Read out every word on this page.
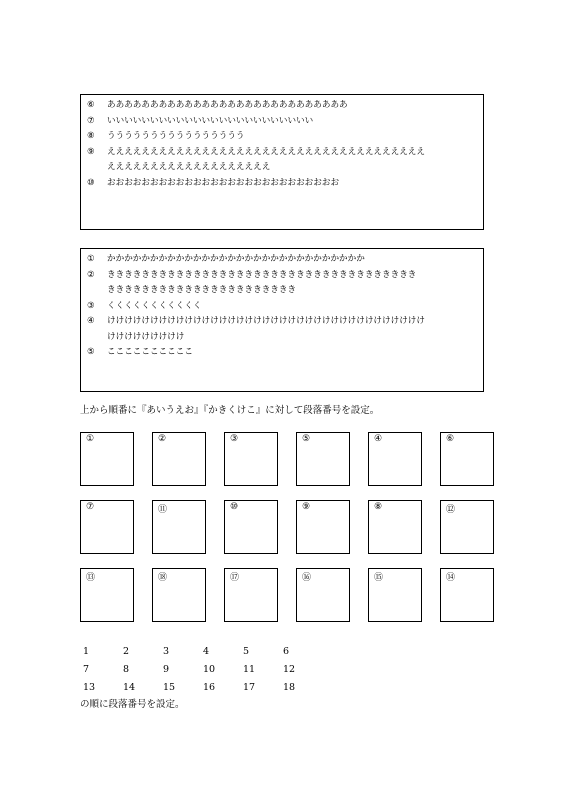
⑥	ああああああああああああああああああああああああああああ
⑦	いいいいいいいいいいいいいいいいいいいいいいいい
⑧	うううううううううううううううう
⑨	えええええええええええええええええええええええええええええええええええええ
えええええええええええええええええええ
⑩	おおおおおおおおおおおおおおおおおおおおおおおおおおお
①	かかかかかかかかかかかかかかかかかかかかかかかかかかかかかか
②	きききききききききききききききききききききききききききききききききききき
きききききききききききききききききききききき
③	くくくくくくくくくくく
④	けけけけけけけけけけけけけけけけけけけけけけけけけけけけけけけけけけけけけ
けけけけけけけけけ
⑤	ここここここここここ
上から順番に『あいうえお』『かきくけこ』に対して段落番号を設定。
①	②	③	⑤	④	⑥
⑦	⑪	⑩	⑨	⑧	⑫
⑬	⑱	⑰	⑯	⑮	⑭
1	2	3	4	5	6
7	8	9	10	11	12
13	14	15	16	17	18
の順に段落番号を設定。
